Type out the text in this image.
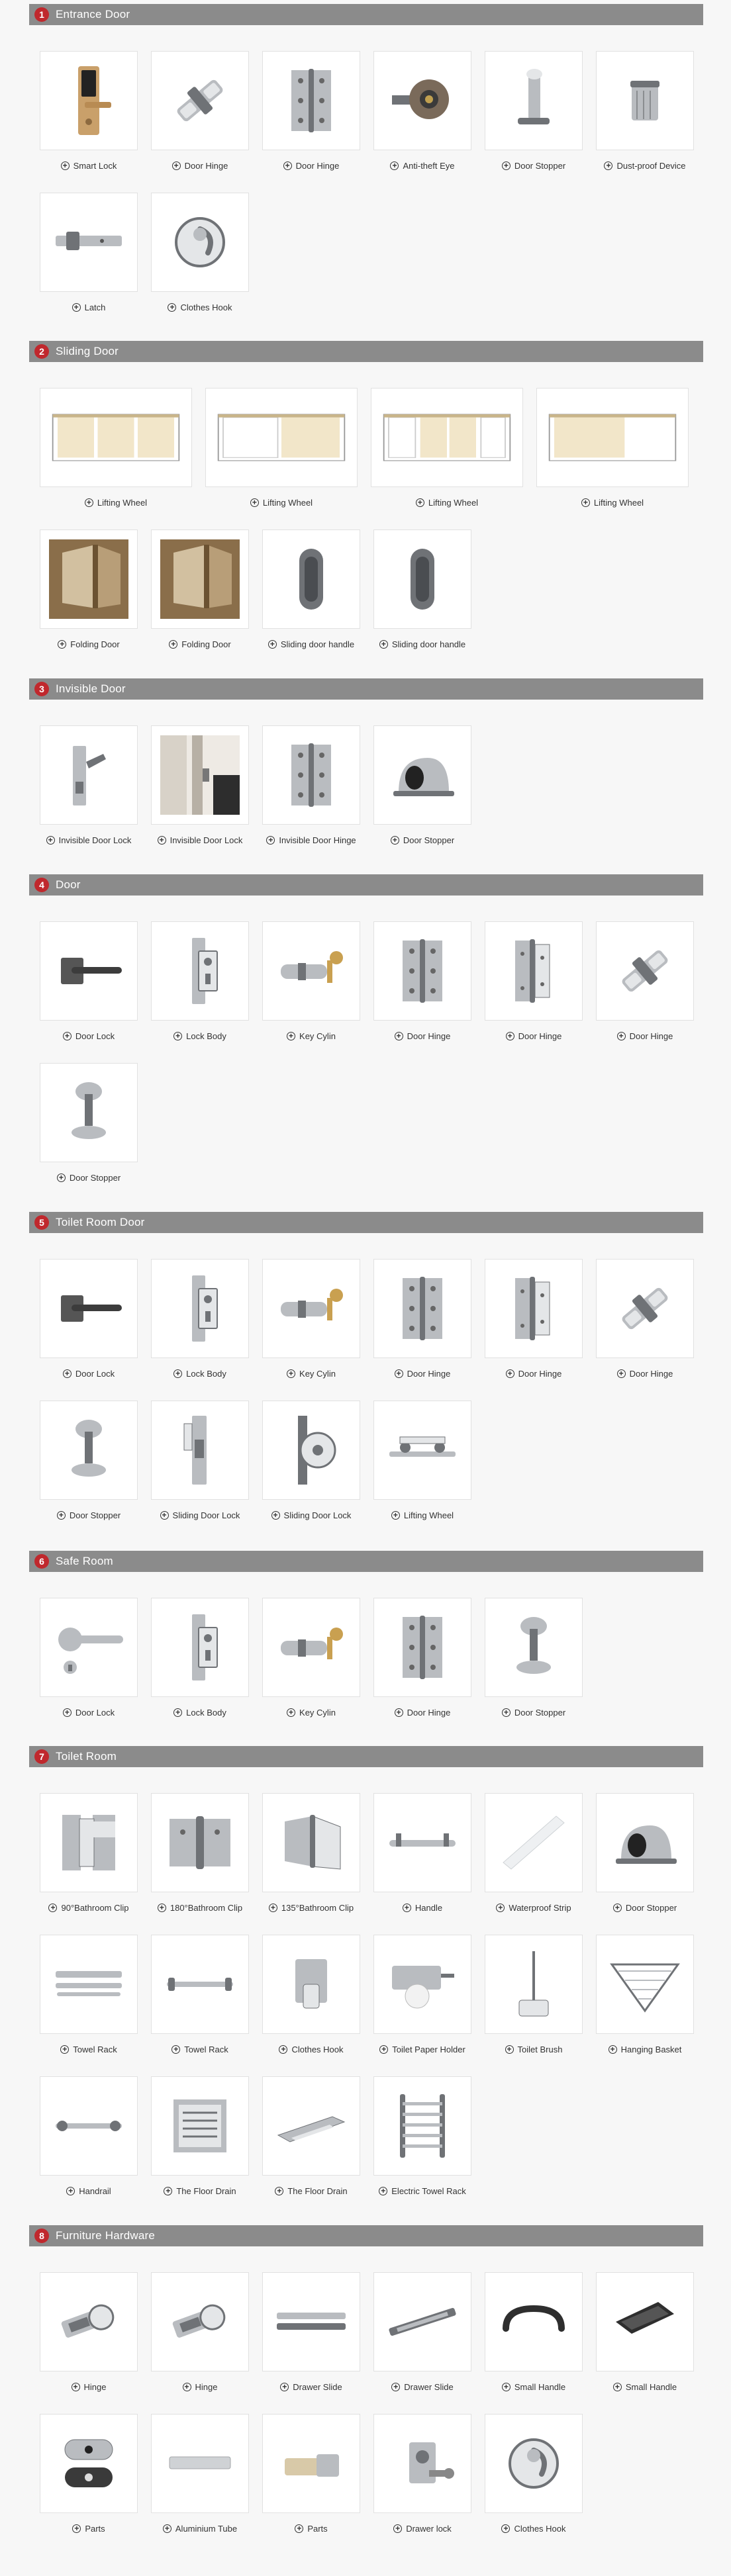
1	Entrance Door
+ Smart Lock	+ Door Hinge	+ Door Hinge	+ Anti-theft Eye	+ Door Stopper	+ Dust-proof Device
+ Latch	+ Clothes Hook
2	Sliding Door
+ Lifting Wheel	+ Lifting Wheel	+ Lifting Wheel	+ Lifting Wheel
+ Folding Door	+ Folding Door	+ Sliding door handle	+ Sliding door handle
3	Invisible Door
+ Invisible Door Lock	+ Invisible Door Lock	+ Invisible Door Hinge	+ Door Stopper
4	Door
+ Door Lock	+ Lock Body	+ Key Cylin	+ Door Hinge	+ Door Hinge	+ Door Hinge
+ Door Stopper
5	Toilet Room Door
+ Door Lock	+ Lock Body	+ Key Cylin	+ Door Hinge	+ Door Hinge	+ Door Hinge
+ Door Stopper	+ Sliding Door Lock	+ Sliding Door Lock	+ Lifting Wheel
6	Safe Room
+ Door Lock	+ Lock Body	+ Key Cylin	+ Door Hinge	+ Door Stopper
7	Toilet Room
+ 90°Bathroom Clip	+ 180°Bathroom Clip	+ 135°Bathroom Clip	+ Handle	+ Waterproof Strip	+ Door Stopper
+ Towel Rack	+ Towel Rack	+ Clothes Hook	+ Toilet Paper Holder	+ Toilet Brush	+ Hanging Basket
+ Handrail	+ The Floor Drain	+ The Floor Drain	+ Electric Towel Rack
8	Furniture Hardware
+ Hinge	+ Hinge	+ Drawer Slide	+ Drawer Slide	+ Small Handle	+ Small Handle
+ Parts	+ Aluminium Tube	+ Parts	+ Drawer lock	+ Clothes Hook
